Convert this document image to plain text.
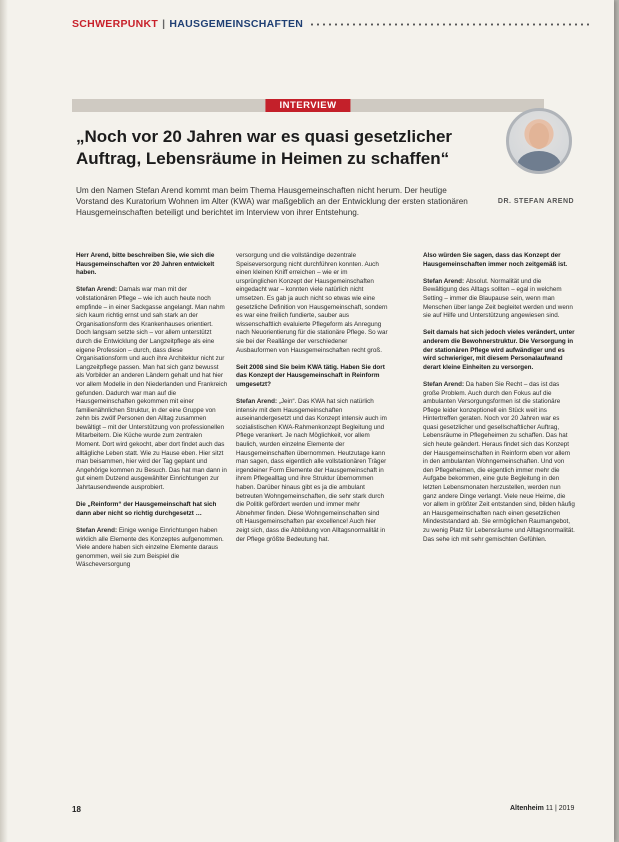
SCHWERPUNKT | HAUSGEMEINSCHAFTEN
INTERVIEW
„Noch vor 20 Jahren war es quasi gesetzlicher Auftrag, Lebensräume in Heimen zu schaffen“
DR. STEFAN AREND

Um den Namen Stefan Arend kommt man beim Thema Hausgemeinschaften nicht herum. Der heutige Vorstand des Kuratorium Wohnen im Alter (KWA) war maßgeblich an der Entwicklung der ersten stationären Hausgemeinschaften beteiligt und berichtet im Interview von ihrer Entstehung.

Herr Arend, bitte beschreiben Sie, wie sich die Hausgemeinschaften vor 20 Jahren entwickelt haben.

Stefan Arend: Damals war man mit der vollstationären Pflege – wie ich auch heute noch empfinde – in einer Sackgasse angelangt. Man nahm sich kaum richtig ernst und sah stark an der Organisationsform des Krankenhauses orientiert. Doch langsam setzte sich – vor allem unterstützt durch die Entwicklung der Langzeitpflege als eine eigene Profession – durch, dass diese Organisationsform und auch ihre Architektur nicht zur Langzeitpflege passen. Man hat sich ganz bewusst als Vorbilder an anderen Ländern gehalt und hat hier vor allem Modelle in den Niederlanden und Frankreich gefunden. Dadurch war man auf die Hausgemeinschaften gekommen mit einer familienähnlichen Struktur, in der eine Gruppe von zehn bis zwölf Personen den Alltag zusammen bewältigt – mit der Unterstützung von professionellen Mitarbeitern. Die Küche wurde zum zentralen Moment. Dort wird gekocht, aber dort findet auch das alltägliche Leben statt. Wie zu Hause eben. Hier sitzt man beisammen, hier wird der Tag geplant und Angehörige kommen zu Besuch. Das hat man dann in gut einem Dutzend ausgewählter Einrichtungen zur Jahrtausendwende ausprobiert.

Die „Reinform“ der Hausgemeinschaft hat sich dann aber nicht so richtig durchgesetzt …

Stefan Arend: Einige wenige Einrichtungen haben wirklich alle Elemente des Konzeptes aufgenommen. Viele andere haben sich einzelne Elemente daraus genommen, weil sie zum Beispiel die Wäscheversorgung

versorgung und die vollständige dezentrale Speiseversorgung nicht durchführen konnten. Auch einen kleinen Kniff erreichen – wie er im ursprünglichen Konzept der Hausgemeinschaften eingedacht war – konnten viele natürlich nicht umsetzen. Es gab ja auch nicht so etwas wie eine gesetzliche Definition von Hausgemeinschaft, sondern es war eine freilich fundierte, sauber aus wissenschaftlich evaluierte Pflegeform als Anregung nach Neuorientierung für die stationäre Pflege. So war sie bei der Reallänge der verschiedener Ausbauformen von Hausgemeinschaften recht groß.

Seit 2008 sind Sie beim KWA tätig. Haben Sie dort das Konzept der Hausgemeinschaft in Reinform umgesetzt?

Stefan Arend: „Jein“. Das KWA hat sich natürlich intensiv mit dem Hausgemeinschaften auseinandergesetzt und das Konzept intensiv auch im sozialistischen KWA-Rahmenkonzept Begleitung und Pflege verankert. Je nach Möglichkeit, vor allem baulich, wurden einzelne Elemente der Hausgemeinschaften übernommen. Heutzutage kann man sagen, dass eigentlich alle vollstationären Träger irgendeiner Form Elemente der Hausgemeinschaft in ihrem Pflegealltag und ihre Struktur übernommen haben. Darüber hinaus gibt es ja die ambulant betreuten Wohngemeinschaften, die sehr stark durch die Politik gefördert werden und immer mehr Abnehmer finden. Diese Wohngemeinschaften sind oft Hausgemeinschaften par excellence! Auch hier zeigt sich, dass die Abbildung von Alltagsnormalität in der Pflege größte Bedeutung hat.

Also würden Sie sagen, dass das Konzept der Hausgemeinschaften immer noch zeitgemäß ist.

Stefan Arend: Absolut. Normalität und die Bewältigung des Alltags sollten – egal in welchem Setting – immer die Blaupause sein, wenn man Menschen über lange Zeit begleitet werden und wenn sie auf Hilfe und Unterstützung angewiesen sind.

Seit damals hat sich jedoch vieles verändert, unter anderem die Bewohnerstruktur. Die Versorgung in der stationären Pflege wird aufwändiger und es wird schwieriger, mit diesem Personalaufwand derart kleine Einheiten zu versorgen.

Stefan Arend: Da haben Sie Recht – das ist das große Problem. Auch durch den Fokus auf die ambulanten Versorgungsformen ist die stationäre Pflege leider konzeptionell ein Stück weit ins Hintertreffen geraten. Noch vor 20 Jahren war es quasi gesetzlicher und gesellschaftlicher Auftrag, Lebensräume in Pflegeheimen zu schaffen. Das hat sich heute geändert. Heraus findet sich das Konzept der Hausgemeinschaften in Reinform eben vor allem in den ambulanten Wohngemeinschaften. Und von den Pflegeheimen, die eigentlich immer mehr die Aufgabe bekommen, eine gute Begleitung in den letzten Lebensmonaten herzustellen, werden nun ganz andere Dinge verlangt. Viele neue Heime, die vor allem in größter Zeit entstanden sind, bilden häufig an Hausgemeinschaften nach einen gesetzlichen Mindeststandard ab. Sie ermöglichen Raumangebot, zu wenig Platz für Lebensräume und Alltagsnormalität. Das sehe ich mit sehr gemischten Gefühlen.

18	Altenheim 11 | 2019
